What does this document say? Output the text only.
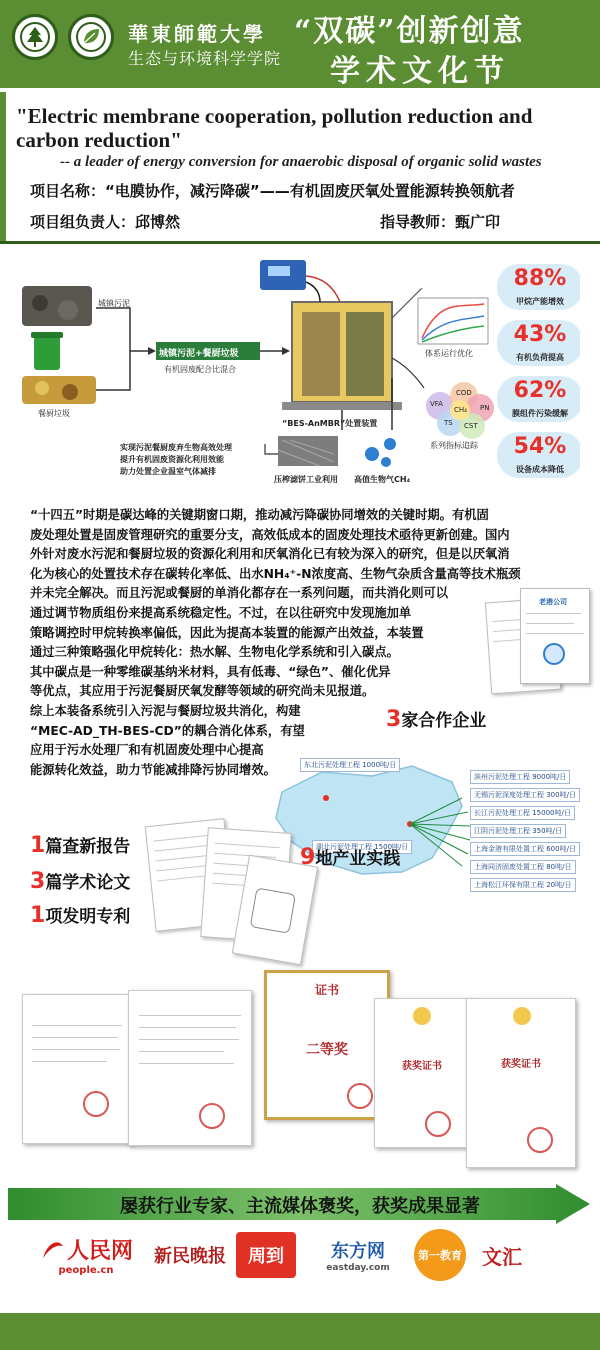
華東師範大學
生态与环境科学学院
“双碳”创新创意
学术文化节
"Electric membrane cooperation, pollution reduction and carbon reduction"
-- a leader of energy conversion for anaerobic disposal of organic solid wastes
项目名称：“电膜协作，减污降碳”——有机固废厌氧处置能源转换领航者
项目组负责人：邱博然	指导教师：甄广印
城镇污泥
餐厨垃圾
城镇污泥+餐厨垃圾
有机固废配合比混合
“BES-AnMBR”处置装置
体系运行优化
系列指标追踪
VFA
COD
CH₄ PN
TS CST
实现污泥餐厨废弃生物高效处理
提升有机固废资源化利用效能
助力处置企业温室气体减排
压榨滤饼工业利用 高值生物气CH₄
88%
甲烷产能增效
43%
有机负荷提高
62%
膜组件污染缓解
54%
设备成本降低
“十四五”时期是碳达峰的关键期窗口期，推动减污降碳协同增效的关键时期。有机固
废处理处置是固废管理研究的重要分支，高效低成本的固废处理技术亟待更新创建。国内
外针对废水污泥和餐厨垃圾的资源化利用和厌氧消化已有较为深入的研究，但是以厌氧消
化为核心的处置技术存在碳转化率低、出水NH₄⁺-N浓度高、生物气杂质含量高等技术瓶颈
并未完全解决。而且污泥或餐厨的单消化都存在一系列问题，而共消化则可以
通过调节物质组份来提高系统稳定性。不过，在以往研究中发现施加单
策略调控时甲烷转换率偏低，因此为提高本装置的能源产出效益，本装置
通过三种策略强化甲烷转化：热水解、生物电化学系统和引入碳点。
其中碳点是一种零维碳基纳米材料，具有低毒、“绿色”、催化优异
等优点，其应用于污泥餐厨厌氧发酵等领域的研究尚未见报道。
综上本装备系统引入污泥与餐厨垃圾共消化，构建
“MEC-AD_TH-BES-CD”的耦合消化体系，有望
应用于污水处理厂和有机固废处理中心提高
能源转化效益，助力节能减排降污协同增效。
老港公司
3家合作企业
东北污泥处理工程 1000吨/日
湖北污泥处理工程 1500吨/日
滨州污泥处理工程 9000吨/日
无锡污泥深度处理工程 300吨/日
长江污泥处理工程 15000吨/日
江阴污泥处理工程 350吨/日
上海金港有限处置工程 600吨/日
上海同济固废处置工程 80吨/日
上海松江环保有限工程 20吨/日
9地产业实践
1篇查新报告
3篇学术论文
1项发明专利
证书
二等奖
获奖证书	获奖证书
屡获行业专家、主流媒体褒奖，获奖成果显著
人民网
people.cn
新民晚报	周到	东方网
eastday.com
第一教育	文汇
